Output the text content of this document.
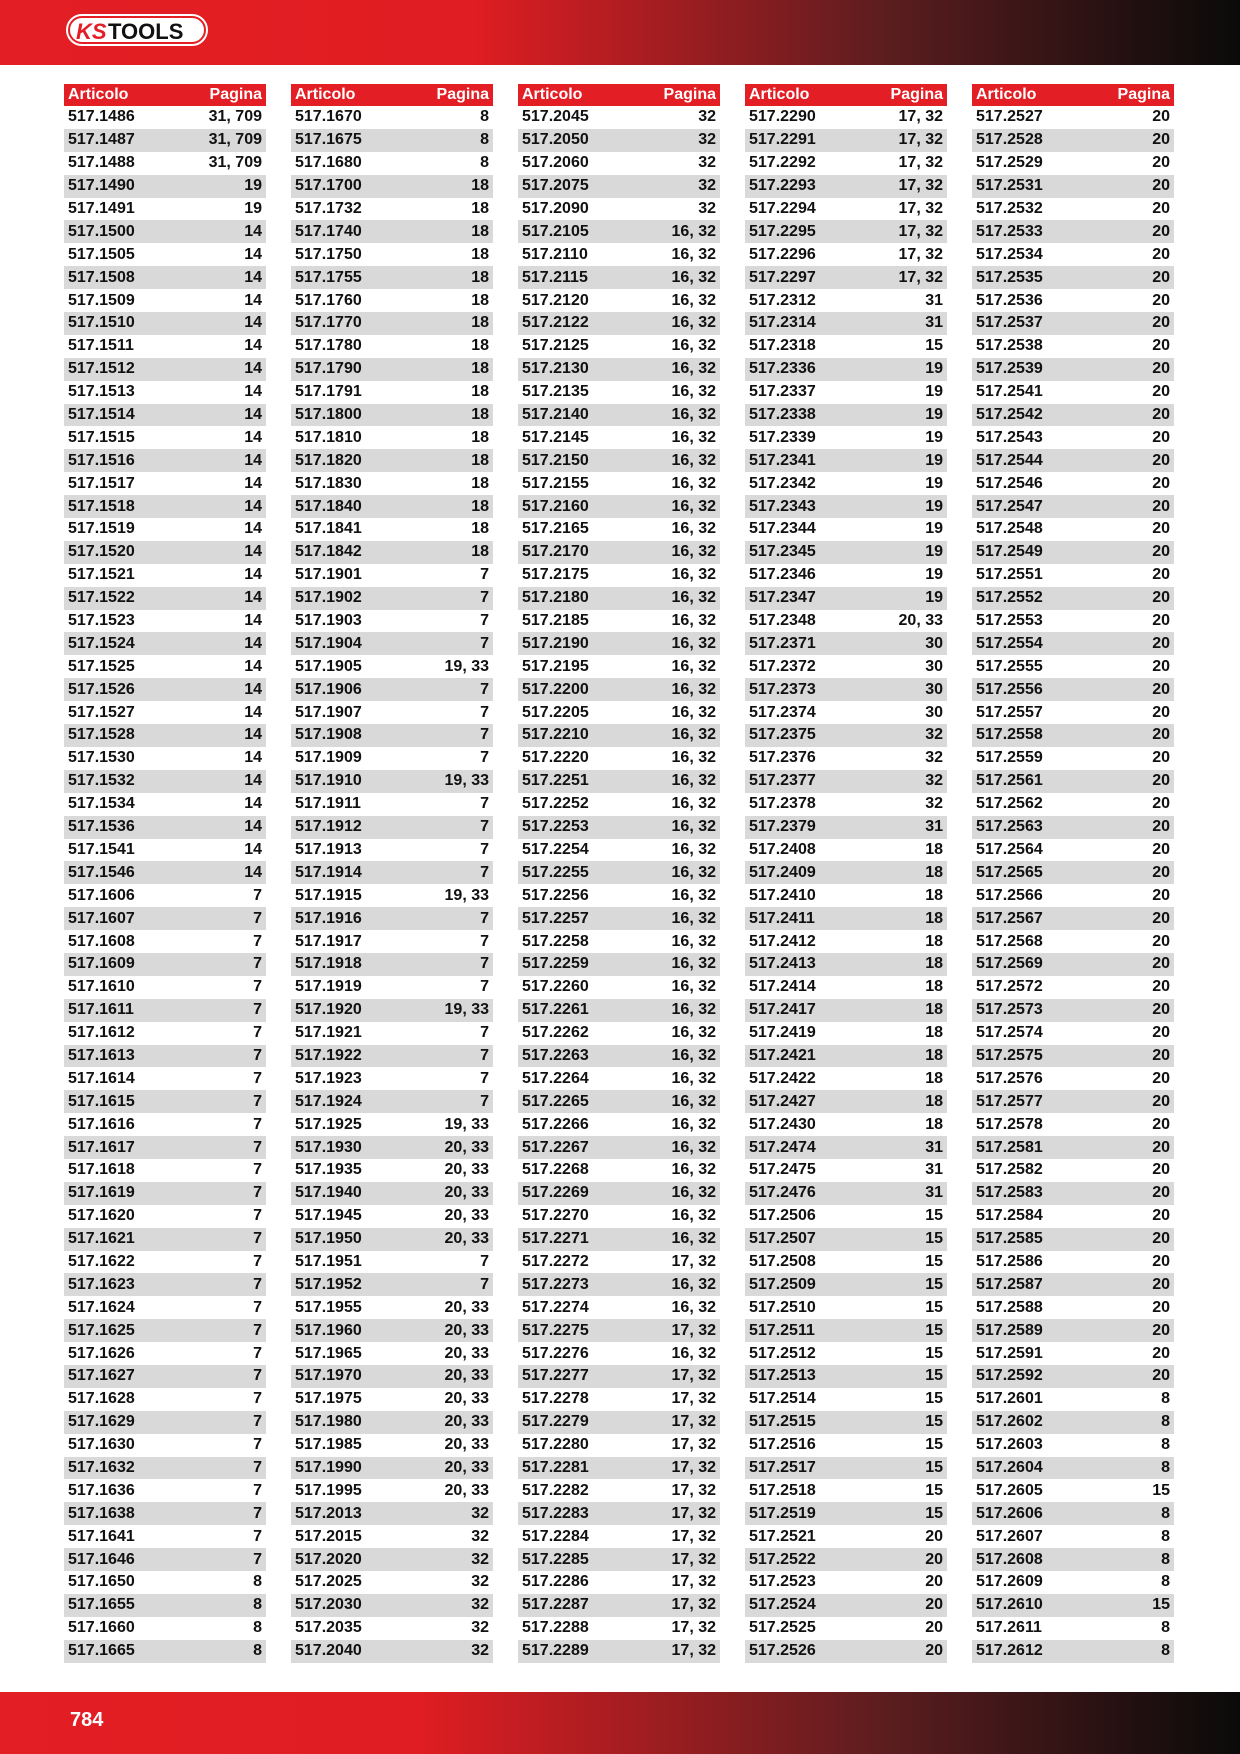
KS TOOLS
Articolo	Pagina
517.1486	31, 709
517.1487	31, 709
517.1488	31, 709
517.1490	19
517.1491	19
517.1500	14
517.1505	14
517.1508	14
517.1509	14
517.1510	14
517.1511	14
517.1512	14
517.1513	14
517.1514	14
517.1515	14
517.1516	14
517.1517	14
517.1518	14
517.1519	14
517.1520	14
517.1521	14
517.1522	14
517.1523	14
517.1524	14
517.1525	14
517.1526	14
517.1527	14
517.1528	14
517.1530	14
517.1532	14
517.1534	14
517.1536	14
517.1541	14
517.1546	14
517.1606	7
517.1607	7
517.1608	7
517.1609	7
517.1610	7
517.1611	7
517.1612	7
517.1613	7
517.1614	7
517.1615	7
517.1616	7
517.1617	7
517.1618	7
517.1619	7
517.1620	7
517.1621	7
517.1622	7
517.1623	7
517.1624	7
517.1625	7
517.1626	7
517.1627	7
517.1628	7
517.1629	7
517.1630	7
517.1632	7
517.1636	7
517.1638	7
517.1641	7
517.1646	7
517.1650	8
517.1655	8
517.1660	8
517.1665	8
Articolo	Pagina
517.1670	8
517.1675	8
517.1680	8
517.1700	18
517.1732	18
517.1740	18
517.1750	18
517.1755	18
517.1760	18
517.1770	18
517.1780	18
517.1790	18
517.1791	18
517.1800	18
517.1810	18
517.1820	18
517.1830	18
517.1840	18
517.1841	18
517.1842	18
517.1901	7
517.1902	7
517.1903	7
517.1904	7
517.1905	19, 33
517.1906	7
517.1907	7
517.1908	7
517.1909	7
517.1910	19, 33
517.1911	7
517.1912	7
517.1913	7
517.1914	7
517.1915	19, 33
517.1916	7
517.1917	7
517.1918	7
517.1919	7
517.1920	19, 33
517.1921	7
517.1922	7
517.1923	7
517.1924	7
517.1925	19, 33
517.1930	20, 33
517.1935	20, 33
517.1940	20, 33
517.1945	20, 33
517.1950	20, 33
517.1951	7
517.1952	7
517.1955	20, 33
517.1960	20, 33
517.1965	20, 33
517.1970	20, 33
517.1975	20, 33
517.1980	20, 33
517.1985	20, 33
517.1990	20, 33
517.1995	20, 33
517.2013	32
517.2015	32
517.2020	32
517.2025	32
517.2030	32
517.2035	32
517.2040	32
Articolo	Pagina
517.2045	32
517.2050	32
517.2060	32
517.2075	32
517.2090	32
517.2105	16, 32
517.2110	16, 32
517.2115	16, 32
517.2120	16, 32
517.2122	16, 32
517.2125	16, 32
517.2130	16, 32
517.2135	16, 32
517.2140	16, 32
517.2145	16, 32
517.2150	16, 32
517.2155	16, 32
517.2160	16, 32
517.2165	16, 32
517.2170	16, 32
517.2175	16, 32
517.2180	16, 32
517.2185	16, 32
517.2190	16, 32
517.2195	16, 32
517.2200	16, 32
517.2205	16, 32
517.2210	16, 32
517.2220	16, 32
517.2251	16, 32
517.2252	16, 32
517.2253	16, 32
517.2254	16, 32
517.2255	16, 32
517.2256	16, 32
517.2257	16, 32
517.2258	16, 32
517.2259	16, 32
517.2260	16, 32
517.2261	16, 32
517.2262	16, 32
517.2263	16, 32
517.2264	16, 32
517.2265	16, 32
517.2266	16, 32
517.2267	16, 32
517.2268	16, 32
517.2269	16, 32
517.2270	16, 32
517.2271	16, 32
517.2272	17, 32
517.2273	16, 32
517.2274	16, 32
517.2275	17, 32
517.2276	16, 32
517.2277	17, 32
517.2278	17, 32
517.2279	17, 32
517.2280	17, 32
517.2281	17, 32
517.2282	17, 32
517.2283	17, 32
517.2284	17, 32
517.2285	17, 32
517.2286	17, 32
517.2287	17, 32
517.2288	17, 32
517.2289	17, 32
Articolo	Pagina
517.2290	17, 32
517.2291	17, 32
517.2292	17, 32
517.2293	17, 32
517.2294	17, 32
517.2295	17, 32
517.2296	17, 32
517.2297	17, 32
517.2312	31
517.2314	31
517.2318	15
517.2336	19
517.2337	19
517.2338	19
517.2339	19
517.2341	19
517.2342	19
517.2343	19
517.2344	19
517.2345	19
517.2346	19
517.2347	19
517.2348	20, 33
517.2371	30
517.2372	30
517.2373	30
517.2374	30
517.2375	32
517.2376	32
517.2377	32
517.2378	32
517.2379	31
517.2408	18
517.2409	18
517.2410	18
517.2411	18
517.2412	18
517.2413	18
517.2414	18
517.2417	18
517.2419	18
517.2421	18
517.2422	18
517.2427	18
517.2430	18
517.2474	31
517.2475	31
517.2476	31
517.2506	15
517.2507	15
517.2508	15
517.2509	15
517.2510	15
517.2511	15
517.2512	15
517.2513	15
517.2514	15
517.2515	15
517.2516	15
517.2517	15
517.2518	15
517.2519	15
517.2521	20
517.2522	20
517.2523	20
517.2524	20
517.2525	20
517.2526	20
Articolo	Pagina
517.2527	20
517.2528	20
517.2529	20
517.2531	20
517.2532	20
517.2533	20
517.2534	20
517.2535	20
517.2536	20
517.2537	20
517.2538	20
517.2539	20
517.2541	20
517.2542	20
517.2543	20
517.2544	20
517.2546	20
517.2547	20
517.2548	20
517.2549	20
517.2551	20
517.2552	20
517.2553	20
517.2554	20
517.2555	20
517.2556	20
517.2557	20
517.2558	20
517.2559	20
517.2561	20
517.2562	20
517.2563	20
517.2564	20
517.2565	20
517.2566	20
517.2567	20
517.2568	20
517.2569	20
517.2572	20
517.2573	20
517.2574	20
517.2575	20
517.2576	20
517.2577	20
517.2578	20
517.2581	20
517.2582	20
517.2583	20
517.2584	20
517.2585	20
517.2586	20
517.2587	20
517.2588	20
517.2589	20
517.2591	20
517.2592	20
517.2601	8
517.2602	8
517.2603	8
517.2604	8
517.2605	15
517.2606	8
517.2607	8
517.2608	8
517.2609	8
517.2610	15
517.2611	8
517.2612	8
784
